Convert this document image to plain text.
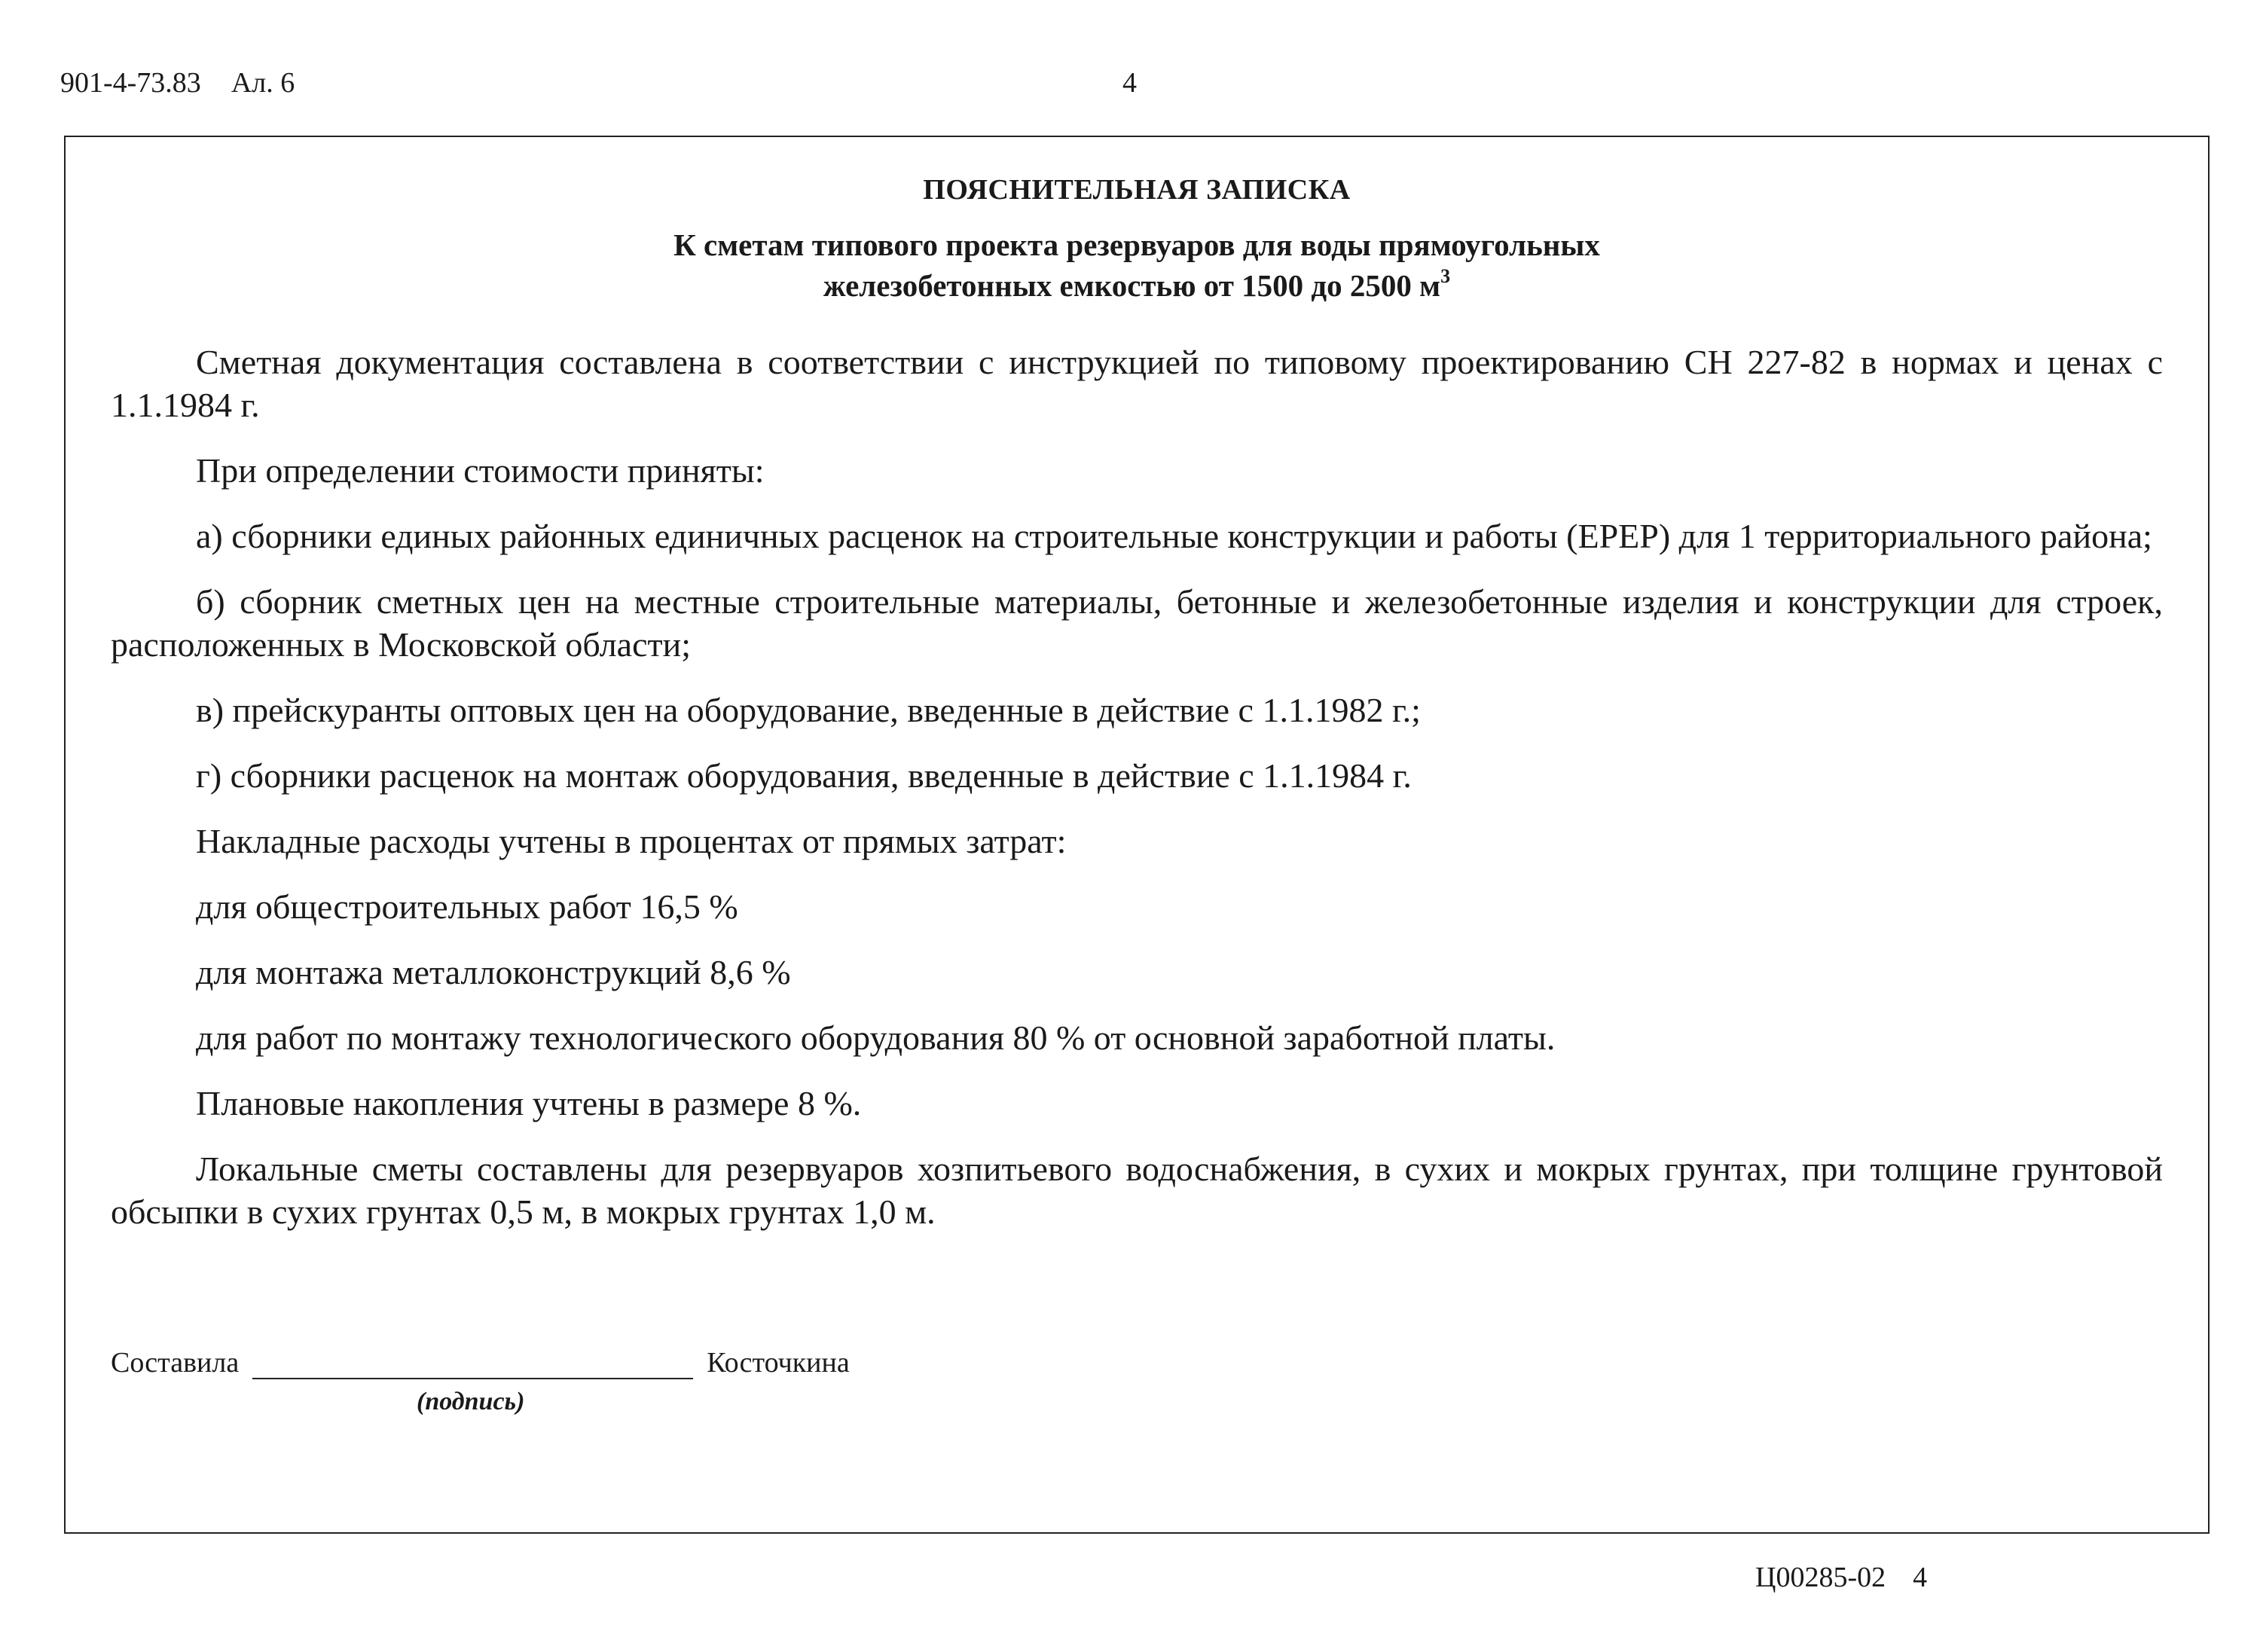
901-4-73.83 Ал. 6	4
ПОЯСНИТЕЛЬНАЯ ЗАПИСКА
К сметам типового проекта резервуаров для воды прямоугольных
железобетонных емкостью от 1500 до 2500 $м^3$

Сметная документация составлена в соответствии с инструкцией по типовому проектированию СН 227-82 в нормах и ценах с 1.1.1984 г.

При определении стоимости приняты:

а) сборники единых районных единичных расценок на строительные конструкции и работы (ЕРЕР) для 1 территориального района;

б) сборник сметных цен на местные строительные материалы, бетонные и железобетонные изделия и конструкции для строек, расположенных в Московской области;

в) прейскуранты оптовых цен на оборудование, введенные в действие с 1.1.1982 г.;

г) сборники расценок на монтаж оборудования, введенные в действие с 1.1.1984 г.

Накладные расходы учтены в процентах от прямых затрат:

для общестроительных работ 16,5 %

для монтажа металлоконструкций 8,6 %

для работ по монтажу технологического оборудования 80 % от основной заработной платы.

Плановые накопления учтены в размере 8 %.

Локальные сметы составлены для резервуаров хозпитьевого водоснабжения, в сухих и мокрых грунтах, при толщине грунтовой обсыпки в сухих грунтах 0,5 м, в мокрых грунтах 1,0 м.

Составила	Косточкина
(подпись)
Ц00285-02 4
